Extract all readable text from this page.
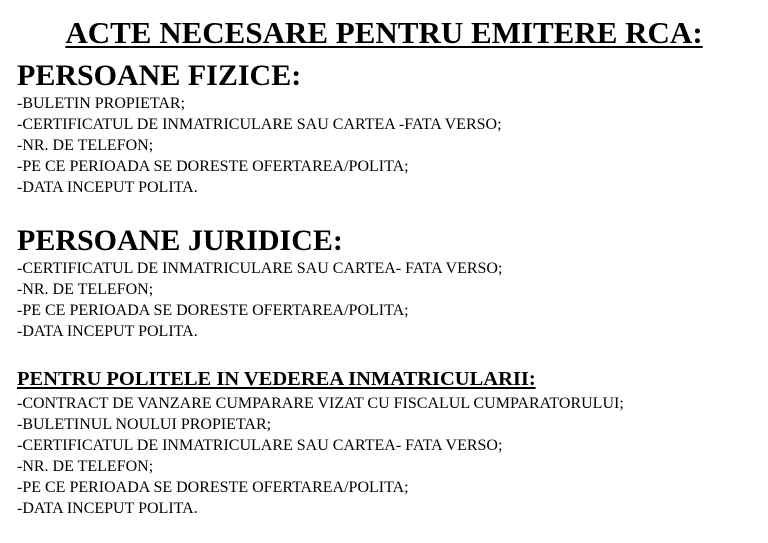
ACTE NECESARE PENTRU EMITERE RCA:
PERSOANE FIZICE:
-BULETIN PROPIETAR;
-CERTIFICATUL DE INMATRICULARE SAU CARTEA -FATA VERSO;
-NR. DE TELEFON;
-PE CE PERIOADA SE DORESTE OFERTAREA/POLITA;
-DATA INCEPUT POLITA.
PERSOANE JURIDICE:
-CERTIFICATUL DE INMATRICULARE SAU CARTEA- FATA VERSO;
-NR. DE TELEFON;
-PE CE PERIOADA SE DORESTE OFERTAREA/POLITA;
-DATA INCEPUT POLITA.
PENTRU POLITELE IN VEDEREA INMATRICULARII:
-CONTRACT DE VANZARE CUMPARARE VIZAT CU FISCALUL CUMPARATORULUI;
-BULETINUL NOULUI PROPIETAR;
-CERTIFICATUL DE INMATRICULARE SAU CARTEA- FATA VERSO;
-NR. DE TELEFON;
-PE CE PERIOADA SE DORESTE OFERTAREA/POLITA;
-DATA INCEPUT POLITA.
